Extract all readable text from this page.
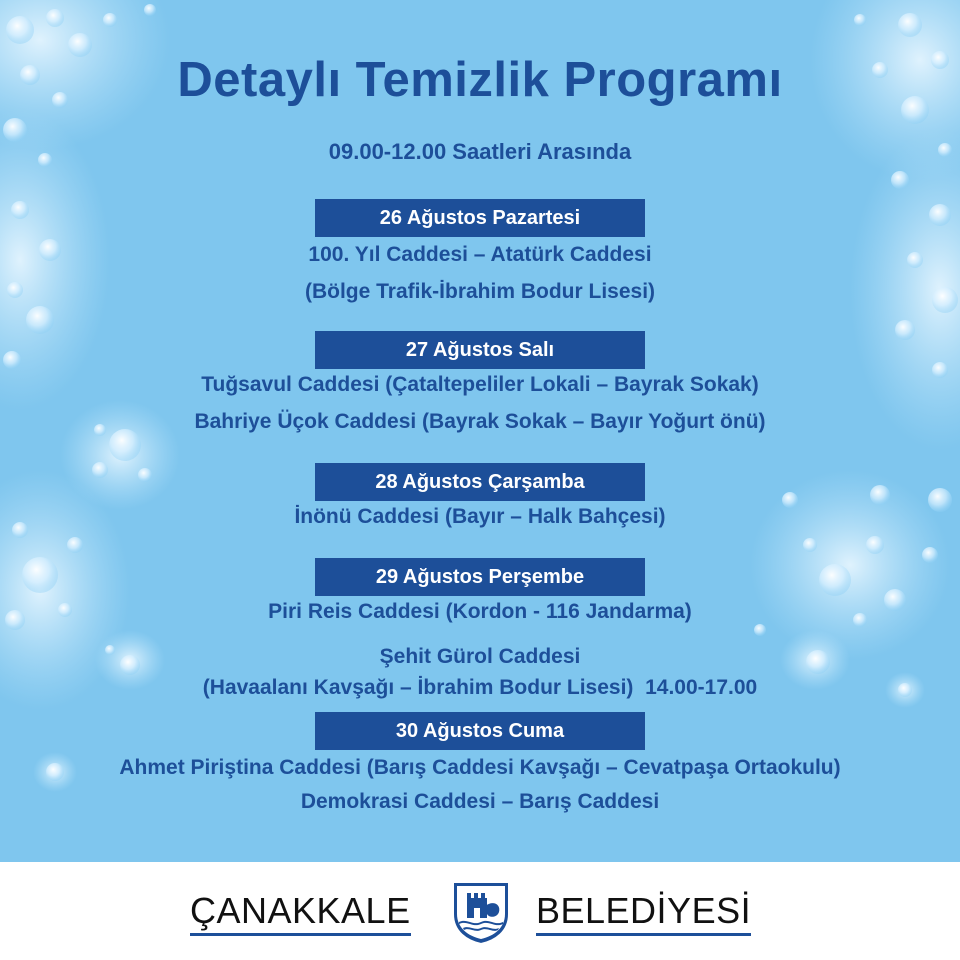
Detaylı Temizlik Programı
09.00-12.00 Saatleri Arasında
26 Ağustos Pazartesi
100. Yıl Caddesi – Atatürk Caddesi
(Bölge Trafik-İbrahim Bodur Lisesi)
27 Ağustos Salı
Tuğsavul Caddesi (Çataltepeliler Lokali – Bayrak Sokak)
Bahriye Üçok Caddesi (Bayrak Sokak – Bayır Yoğurt önü)
28 Ağustos Çarşamba
İnönü Caddesi (Bayır – Halk Bahçesi)
29 Ağustos Perşembe
Piri Reis Caddesi (Kordon - 116 Jandarma)
Şehit Gürol Caddesi
(Havaalanı Kavşağı – İbrahim Bodur Lisesi)  14.00-17.00
30 Ağustos Cuma
Ahmet Piriştina Caddesi (Barış Caddesi Kavşağı – Cevatpaşa Ortaokulu)
Demokrasi Caddesi – Barış Caddesi
ÇANAKKALE	BELEDİYESİ
